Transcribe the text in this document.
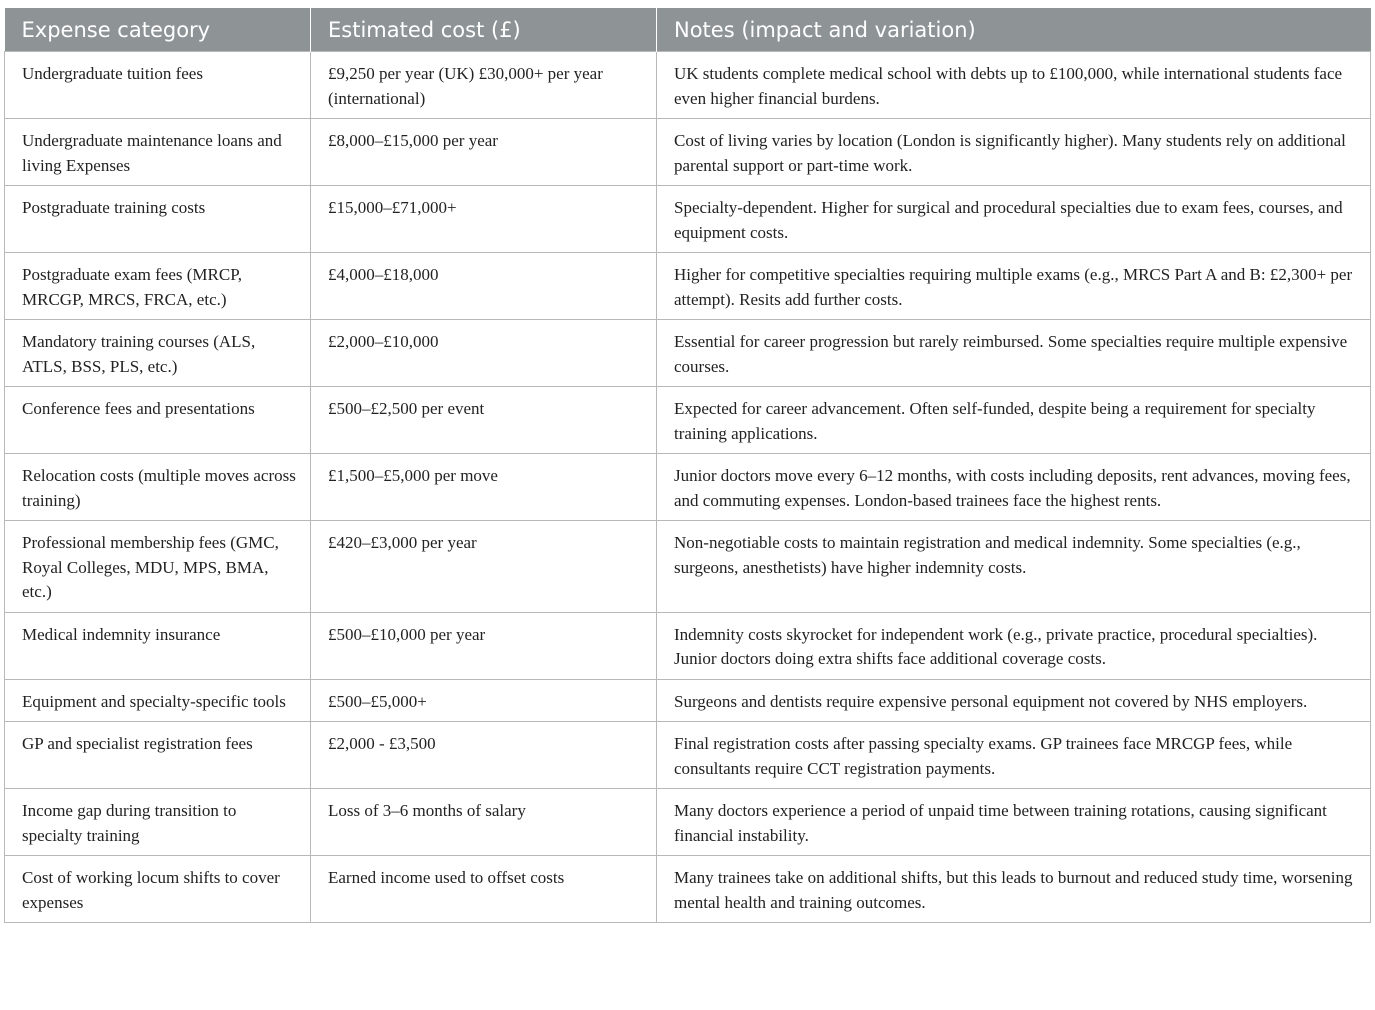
Expense category	Estimated cost (£)	Notes (impact and variation)
Undergraduate tuition fees	£9,250 per year (UK) £30,000+ per year (international)	UK students complete medical school with debts up to £100,000, while international students face even higher financial burdens.
Undergraduate maintenance loans and living Expenses	£8,000–£15,000 per year	Cost of living varies by location (London is significantly higher). Many students rely on additional parental support or part-time work.
Postgraduate training costs	£15,000–£71,000+	Specialty-dependent. Higher for surgical and procedural specialties due to exam fees, courses, and equipment costs.
Postgraduate exam fees (MRCP, MRCGP, MRCS, FRCA, etc.)	£4,000–£18,000	Higher for competitive specialties requiring multiple exams (e.g., MRCS Part A and B: £2,300+ per attempt). Resits add further costs.
Mandatory training courses (ALS, ATLS, BSS, PLS, etc.)	£2,000–£10,000	Essential for career progression but rarely reimbursed. Some specialties require multiple expensive courses.
Conference fees and presentations	£500–£2,500 per event	Expected for career advancement. Often self-funded, despite being a requirement for specialty training applications.
Relocation costs (multiple moves across training)	£1,500–£5,000 per move	Junior doctors move every 6–12 months, with costs including deposits, rent advances, moving fees, and commuting expenses. London-based trainees face the highest rents.
Professional membership fees (GMC, Royal Colleges, MDU, MPS, BMA, etc.)	£420–£3,000 per year	Non-negotiable costs to maintain registration and medical indemnity. Some specialties (e.g., surgeons, anesthetists) have higher indemnity costs.
Medical indemnity insurance	£500–£10,000 per year	Indemnity costs skyrocket for independent work (e.g., private practice, procedural specialties). Junior doctors doing extra shifts face additional coverage costs.
Equipment and specialty-specific tools	£500–£5,000+	Surgeons and dentists require expensive personal equipment not covered by NHS employers.
GP and specialist registration fees	£2,000 - £3,500	Final registration costs after passing specialty exams. GP trainees face MRCGP fees, while consultants require CCT registration payments.
Income gap during transition to specialty training	Loss of 3–6 months of salary	Many doctors experience a period of unpaid time between training rotations, causing significant financial instability.
Cost of working locum shifts to cover expenses	Earned income used to offset costs	Many trainees take on additional shifts, but this leads to burnout and reduced study time, worsening mental health and training outcomes.
